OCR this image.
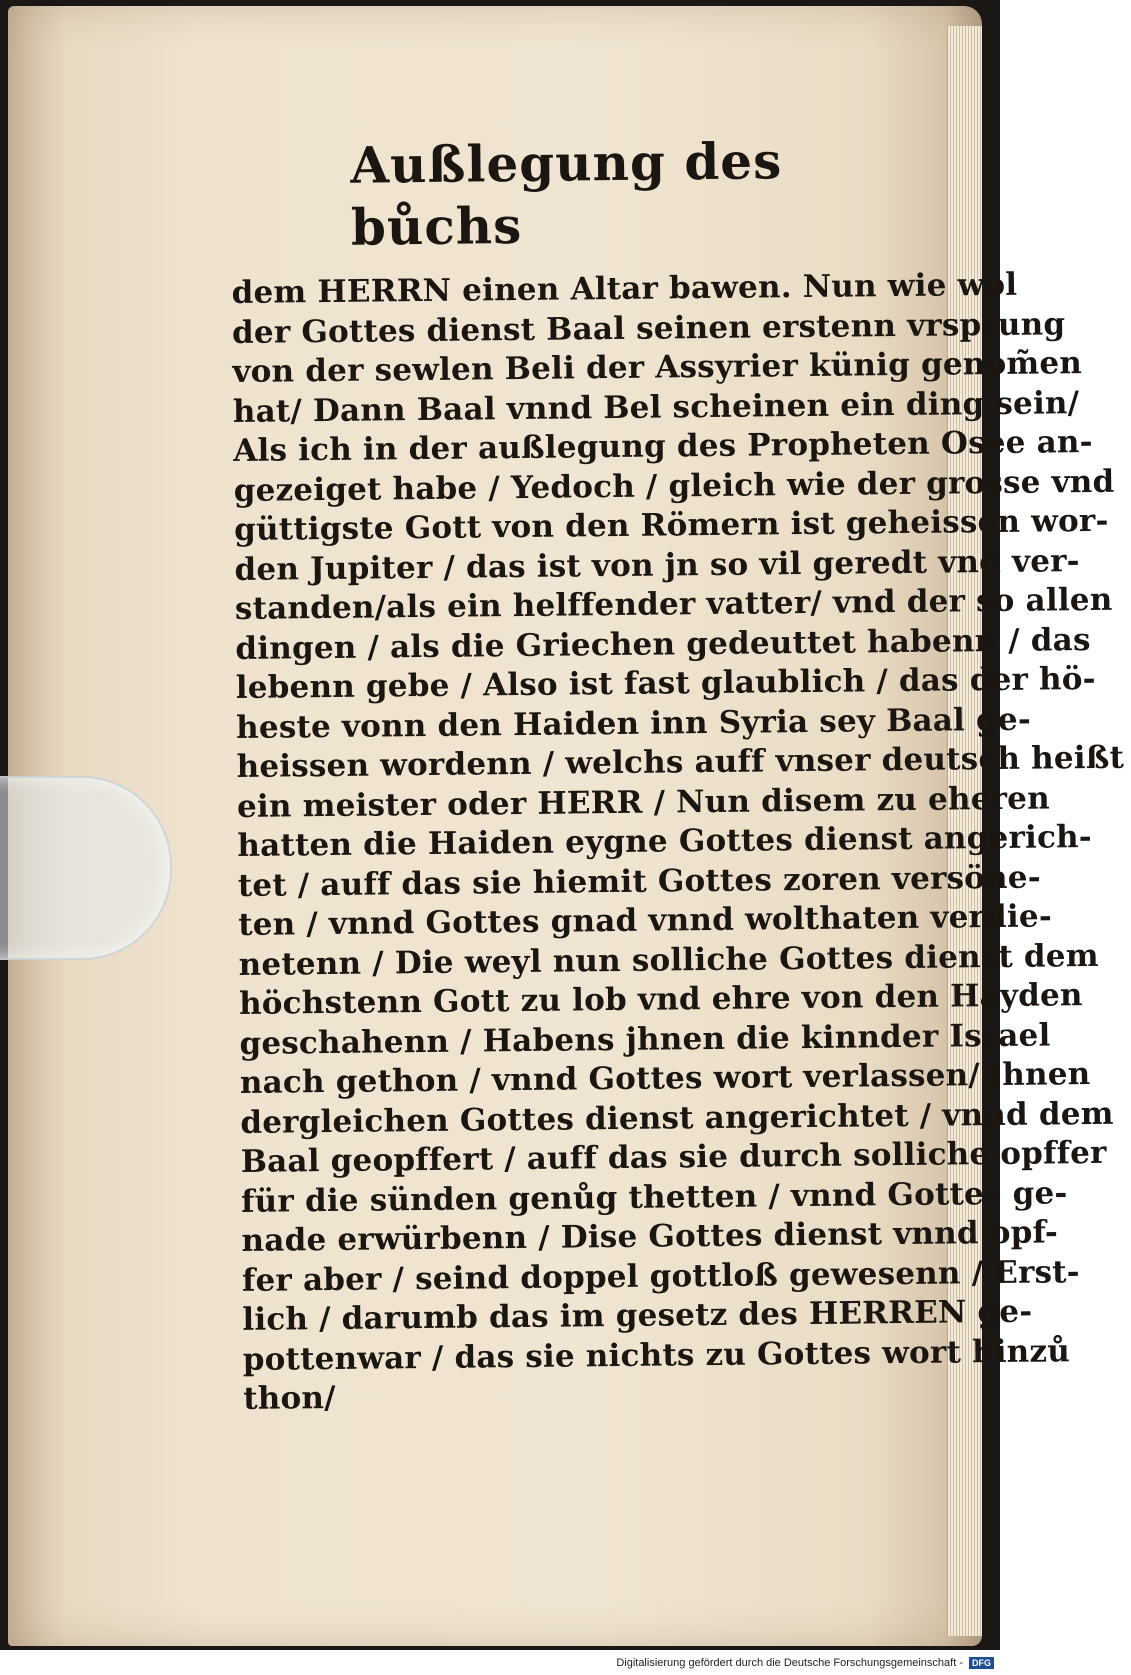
Außlegung des bůchs
dem HERRN einen Altar bawen. Nun wie wol
der Gottes dienst Baal seinen erstenn vrsprung
von der sewlen Beli der Assyrier künig genom̃en
hat/ Dann Baal vnnd Bel scheinen ein ding sein/
Als ich in der außlegung des Propheten Osee an-
gezeiget habe / Yedoch / gleich wie der grosse vnd
güttigste Gott von den Römern ist geheissen wor-
den Jupiter / das ist von jn so vil geredt vnd ver-
standen/als ein helffender vatter/ vnd der so allen
dingen / als die Griechen gedeuttet habenn / das
lebenn gebe / Also ist fast glaublich / das der hö-
heste vonn den Haiden inn Syria sey Baal ge-
heissen wordenn / welchs auff vnser deutsch heißt
ein meister oder HERR / Nun disem zu eheren
hatten die Haiden eygne Gottes dienst angerich-
tet / auff das sie hiemit Gottes zoren versöne-
ten / vnnd Gottes gnad vnnd wolthaten verdie-
netenn / Die weyl nun solliche Gottes dienst dem
höchstenn Gott zu lob vnd ehre von den Hayden
geschahenn / Habens jhnen die kinnder Israel
nach gethon / vnnd Gottes wort verlassen/ jhnen
dergleichen Gottes dienst angerichtet / vnnd dem
Baal geopffert / auff das sie durch solliche opffer
für die sünden genůg thetten / vnnd Gottes ge-
nade erwürbenn / Dise Gottes dienst vnnd opf-
fer aber / seind doppel gottloß gewesenn / Erst-
lich / darumb das im gesetz des HERREN ge-
pottenwar / das sie nichts zu Gottes wort hinzů
thon/
Digitalisierung gefördert durch die Deutsche Forschungsgemeinschaft -	DFG
